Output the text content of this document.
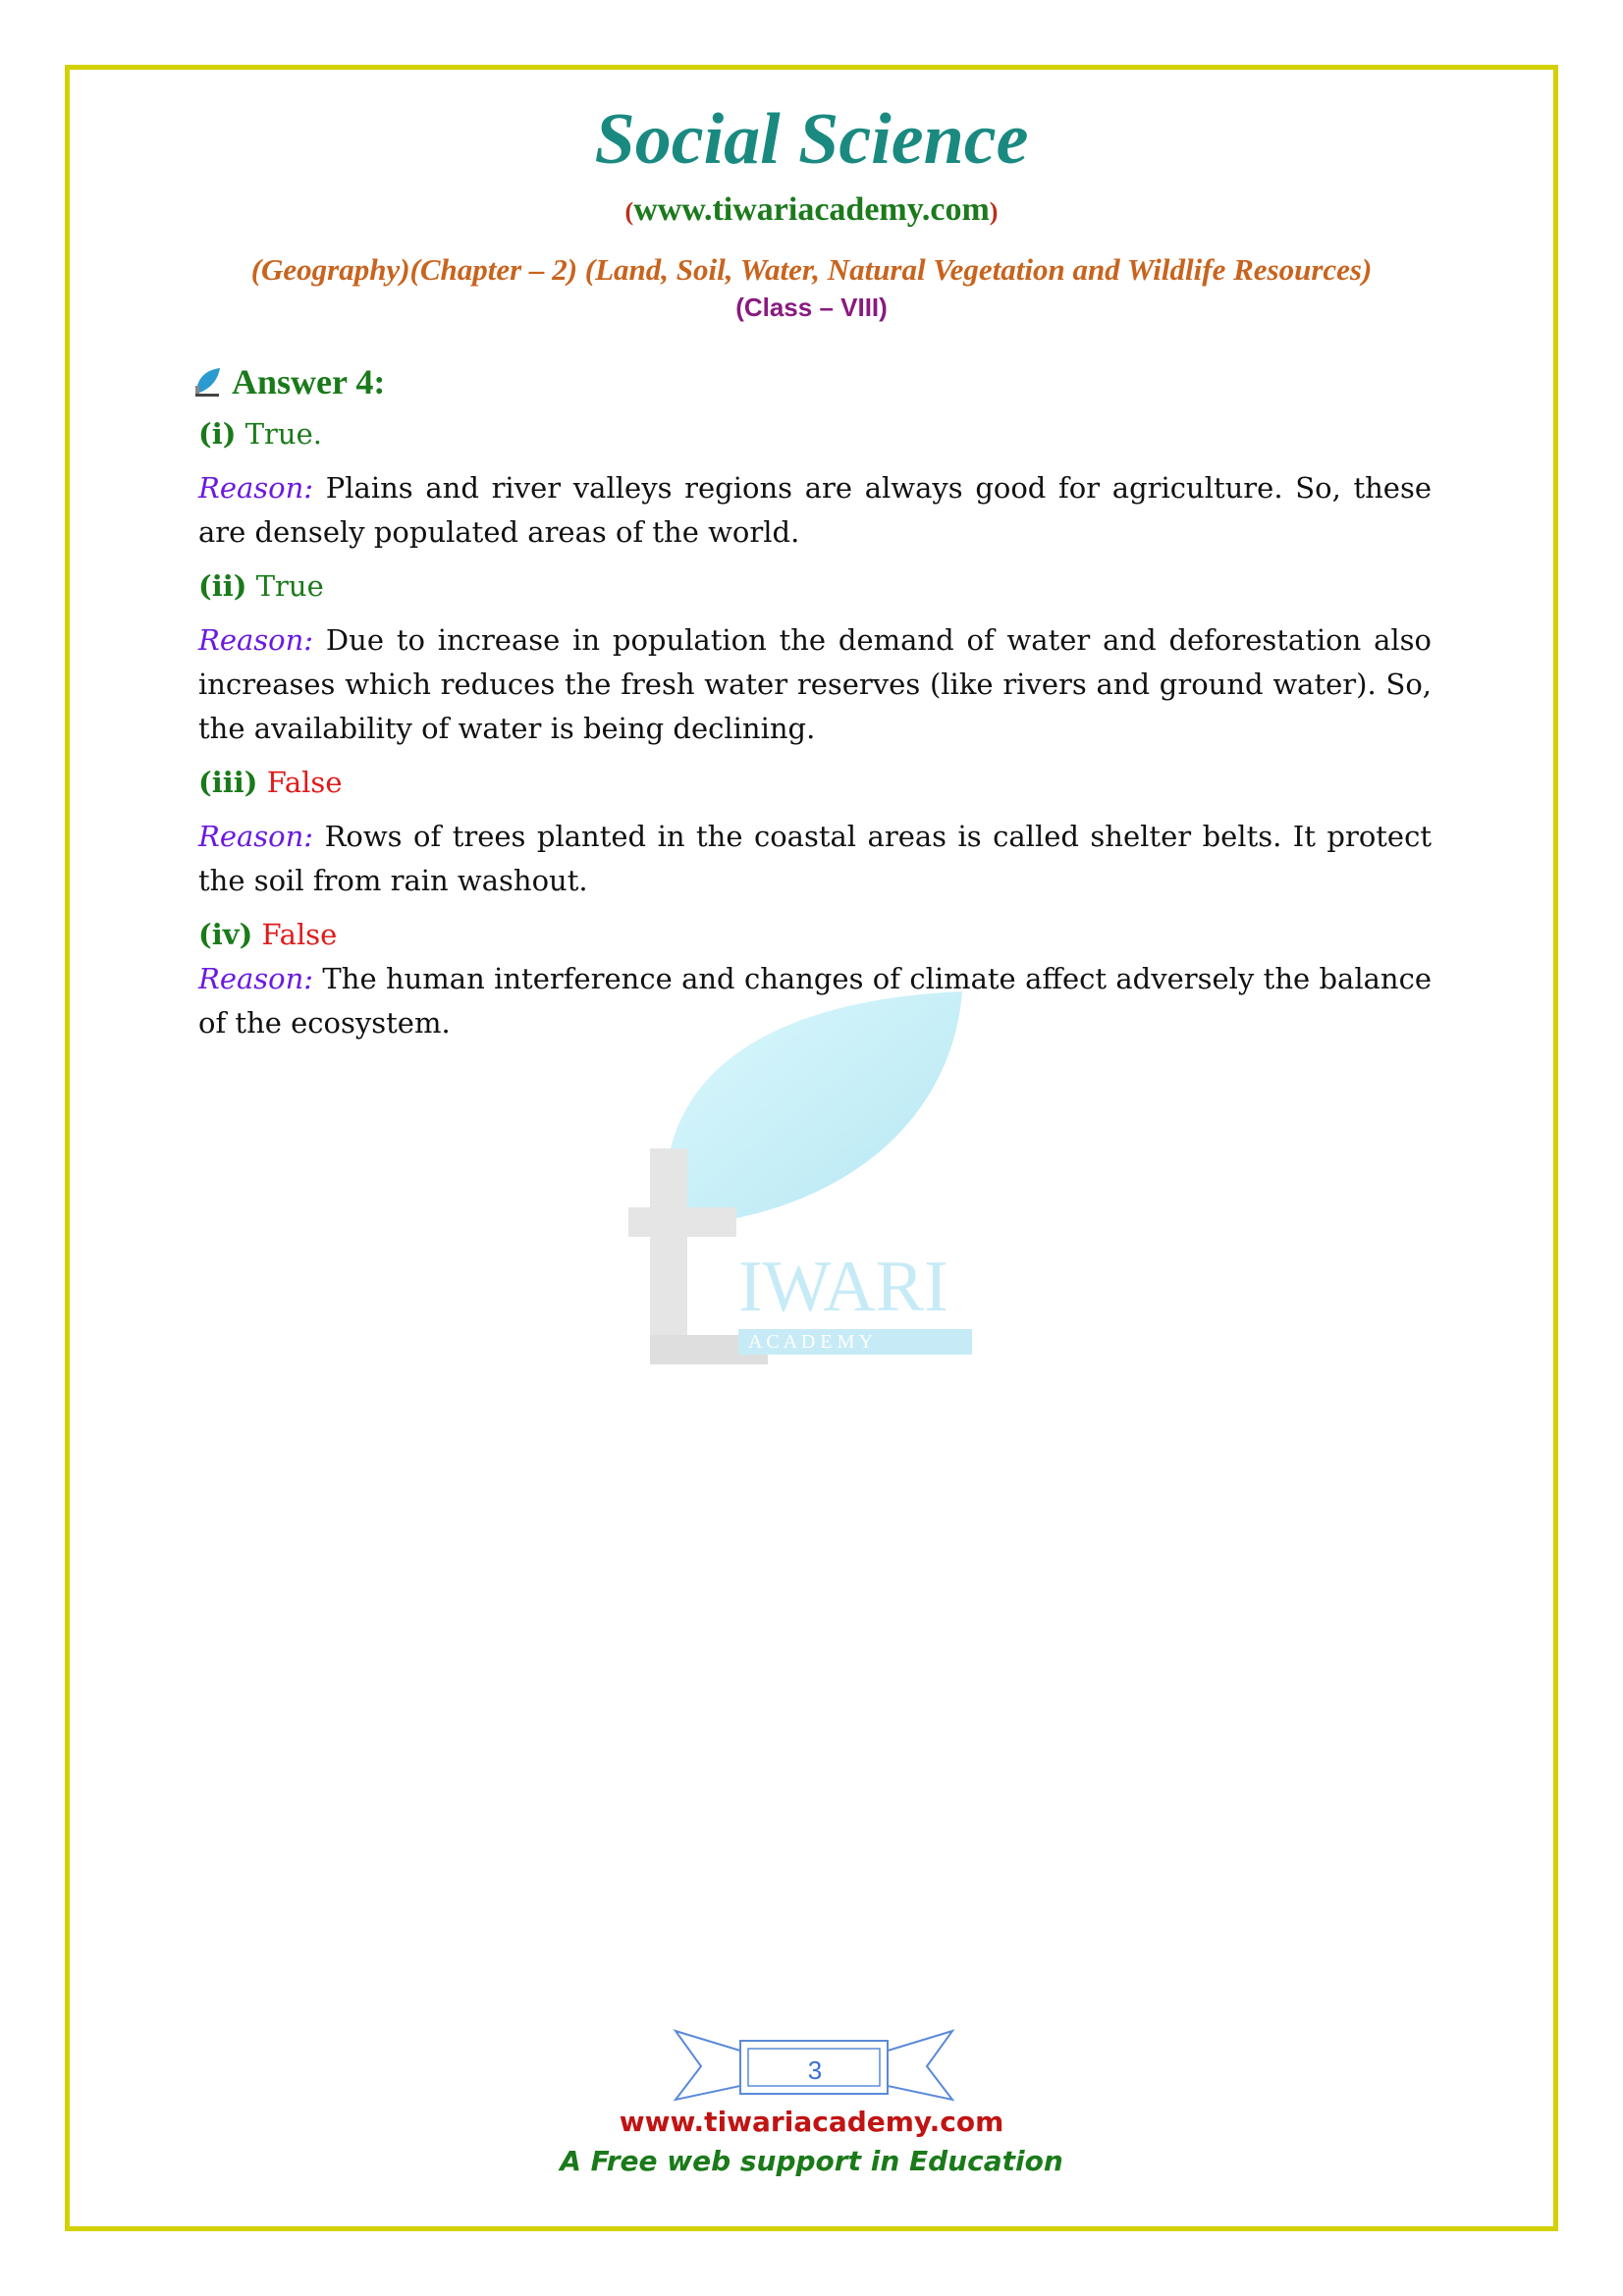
Social Science
(www.tiwariacademy.com)
(Geography)(Chapter – 2) (Land, Soil, Water, Natural Vegetation and Wildlife Resources)
(Class – VIII)
Answer 4:
(i) True.
Reason: Plains and river valleys regions are always good for agriculture. So, these are densely populated areas of the world.
(ii) True
Reason: Due to increase in population the demand of water and deforestation also increases which reduces the fresh water reserves (like rivers and ground water). So, the availability of water is being declining.
(iii) False
Reason: Rows of trees planted in the coastal areas is called shelter belts. It protect the soil from rain washout.
(iv) False
Reason: The human interference and changes of climate affect adversely the balance of the ecosystem.
IWARI
A C A D E M Y
3
www.tiwariacademy.com
A Free web support in Education
